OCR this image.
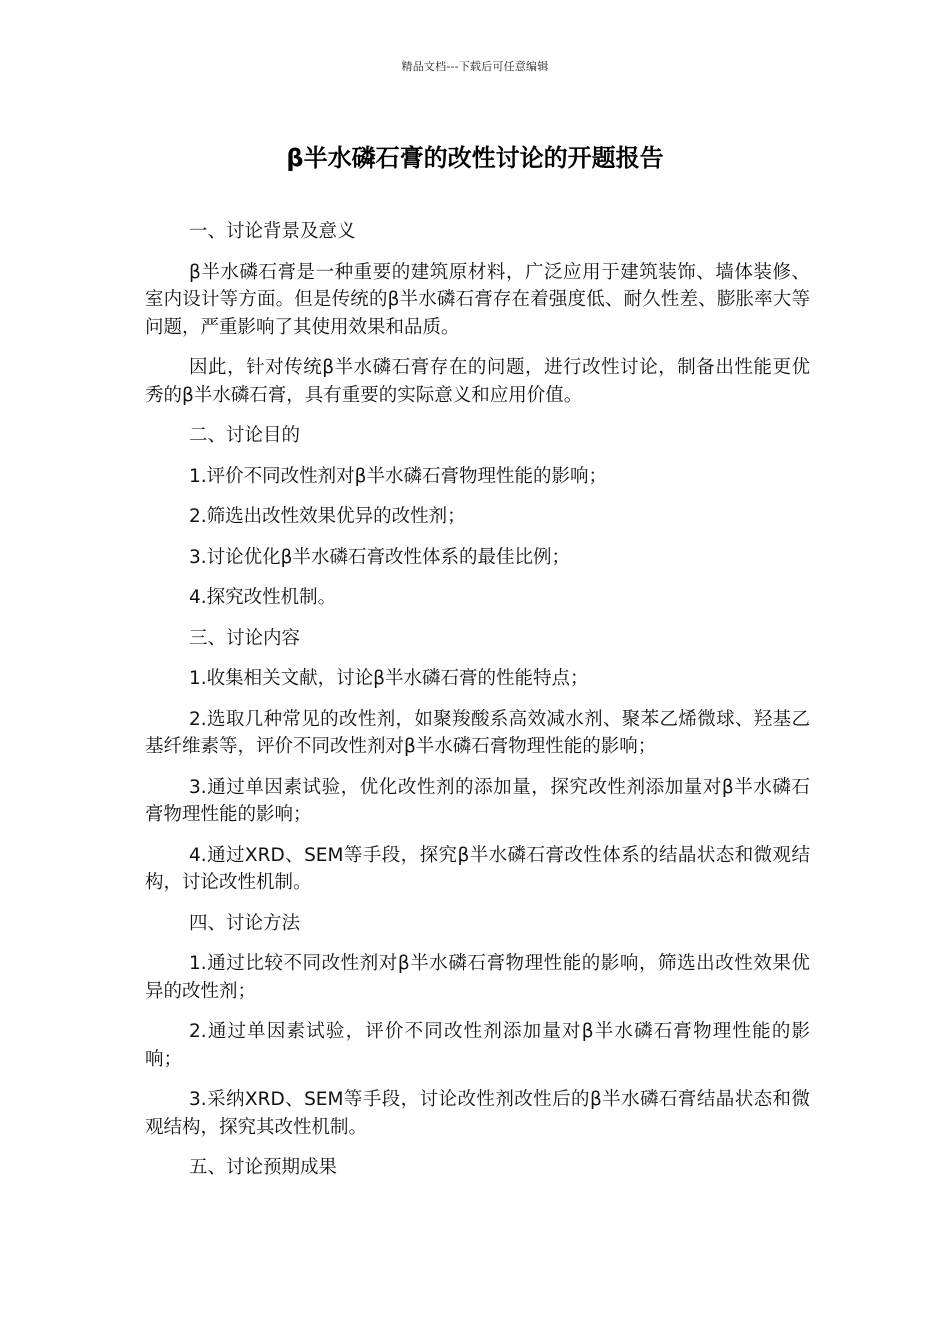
精品文档---下载后可任意编辑
β半水磷石膏的改性讨论的开题报告

一、讨论背景及意义

β半水磷石膏是一种重要的建筑原材料，广泛应用于建筑装饰、墙体装修、室内设计等方面。但是传统的β半水磷石膏存在着强度低、耐久性差、膨胀率大等问题，严重影响了其使用效果和品质。

因此，针对传统β半水磷石膏存在的问题，进行改性讨论，制备出性能更优秀的β半水磷石膏，具有重要的实际意义和应用价值。

二、讨论目的

1.评价不同改性剂对β半水磷石膏物理性能的影响；

2.筛选出改性效果优异的改性剂；

3.讨论优化β半水磷石膏改性体系的最佳比例；

4.探究改性机制。

三、讨论内容

1.收集相关文献，讨论β半水磷石膏的性能特点；

2.选取几种常见的改性剂，如聚羧酸系高效减水剂、聚苯乙烯微球、羟基乙基纤维素等，评价不同改性剂对β半水磷石膏物理性能的影响；

3.通过单因素试验，优化改性剂的添加量，探究改性剂添加量对β半水磷石膏物理性能的影响；

4.通过XRD、SEM等手段，探究β半水磷石膏改性体系的结晶状态和微观结构，讨论改性机制。

四、讨论方法

1.通过比较不同改性剂对β半水磷石膏物理性能的影响，筛选出改性效果优异的改性剂；

2.通过单因素试验，评价不同改性剂添加量对β半水磷石膏物理性能的影响；

3.采纳XRD、SEM等手段，讨论改性剂改性后的β半水磷石膏结晶状态和微观结构，探究其改性机制。

五、讨论预期成果
